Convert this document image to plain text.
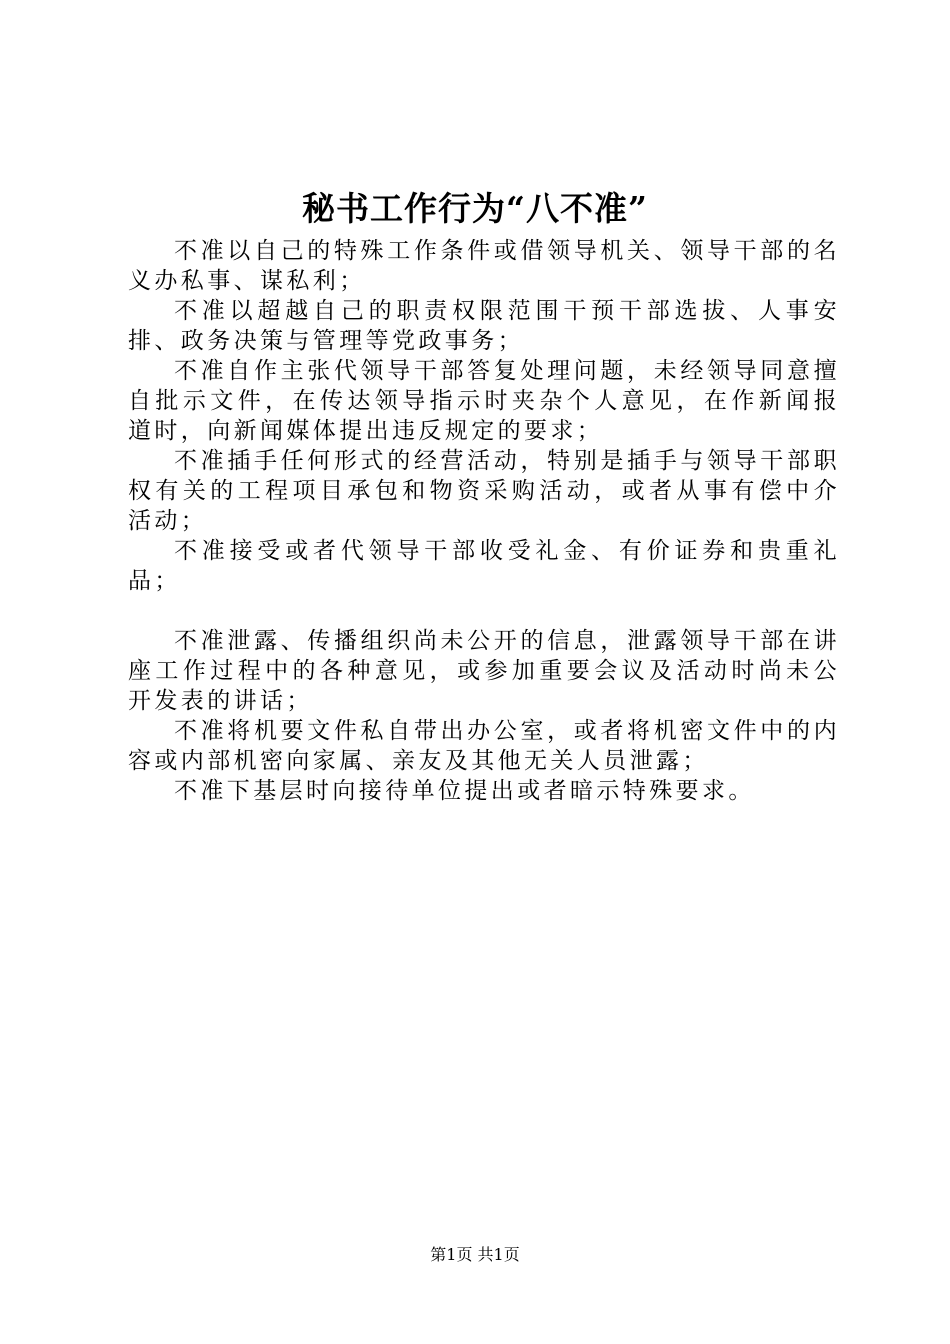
秘书工作行为“八不准”

不准以自己的特殊工作条件或借领导机关、领导干部的名义办私事、谋私利；

不准以超越自己的职责权限范围干预干部选拔、人事安排、政务决策与管理等党政事务；

不准自作主张代领导干部答复处理问题，未经领导同意擅自批示文件，在传达领导指示时夹杂个人意见，在作新闻报道时，向新闻媒体提出违反规定的要求；

不准插手任何形式的经营活动，特别是插手与领导干部职权有关的工程项目承包和物资采购活动，或者从事有偿中介活动；

不准接受或者代领导干部收受礼金、有价证券和贵重礼品；

不准泄露、传播组织尚未公开的信息，泄露领导干部在讲座工作过程中的各种意见，或参加重要会议及活动时尚未公开发表的讲话；

不准将机要文件私自带出办公室，或者将机密文件中的内容或内部机密向家属、亲友及其他无关人员泄露；

不准下基层时向接待单位提出或者暗示特殊要求。

第1页 共1页
